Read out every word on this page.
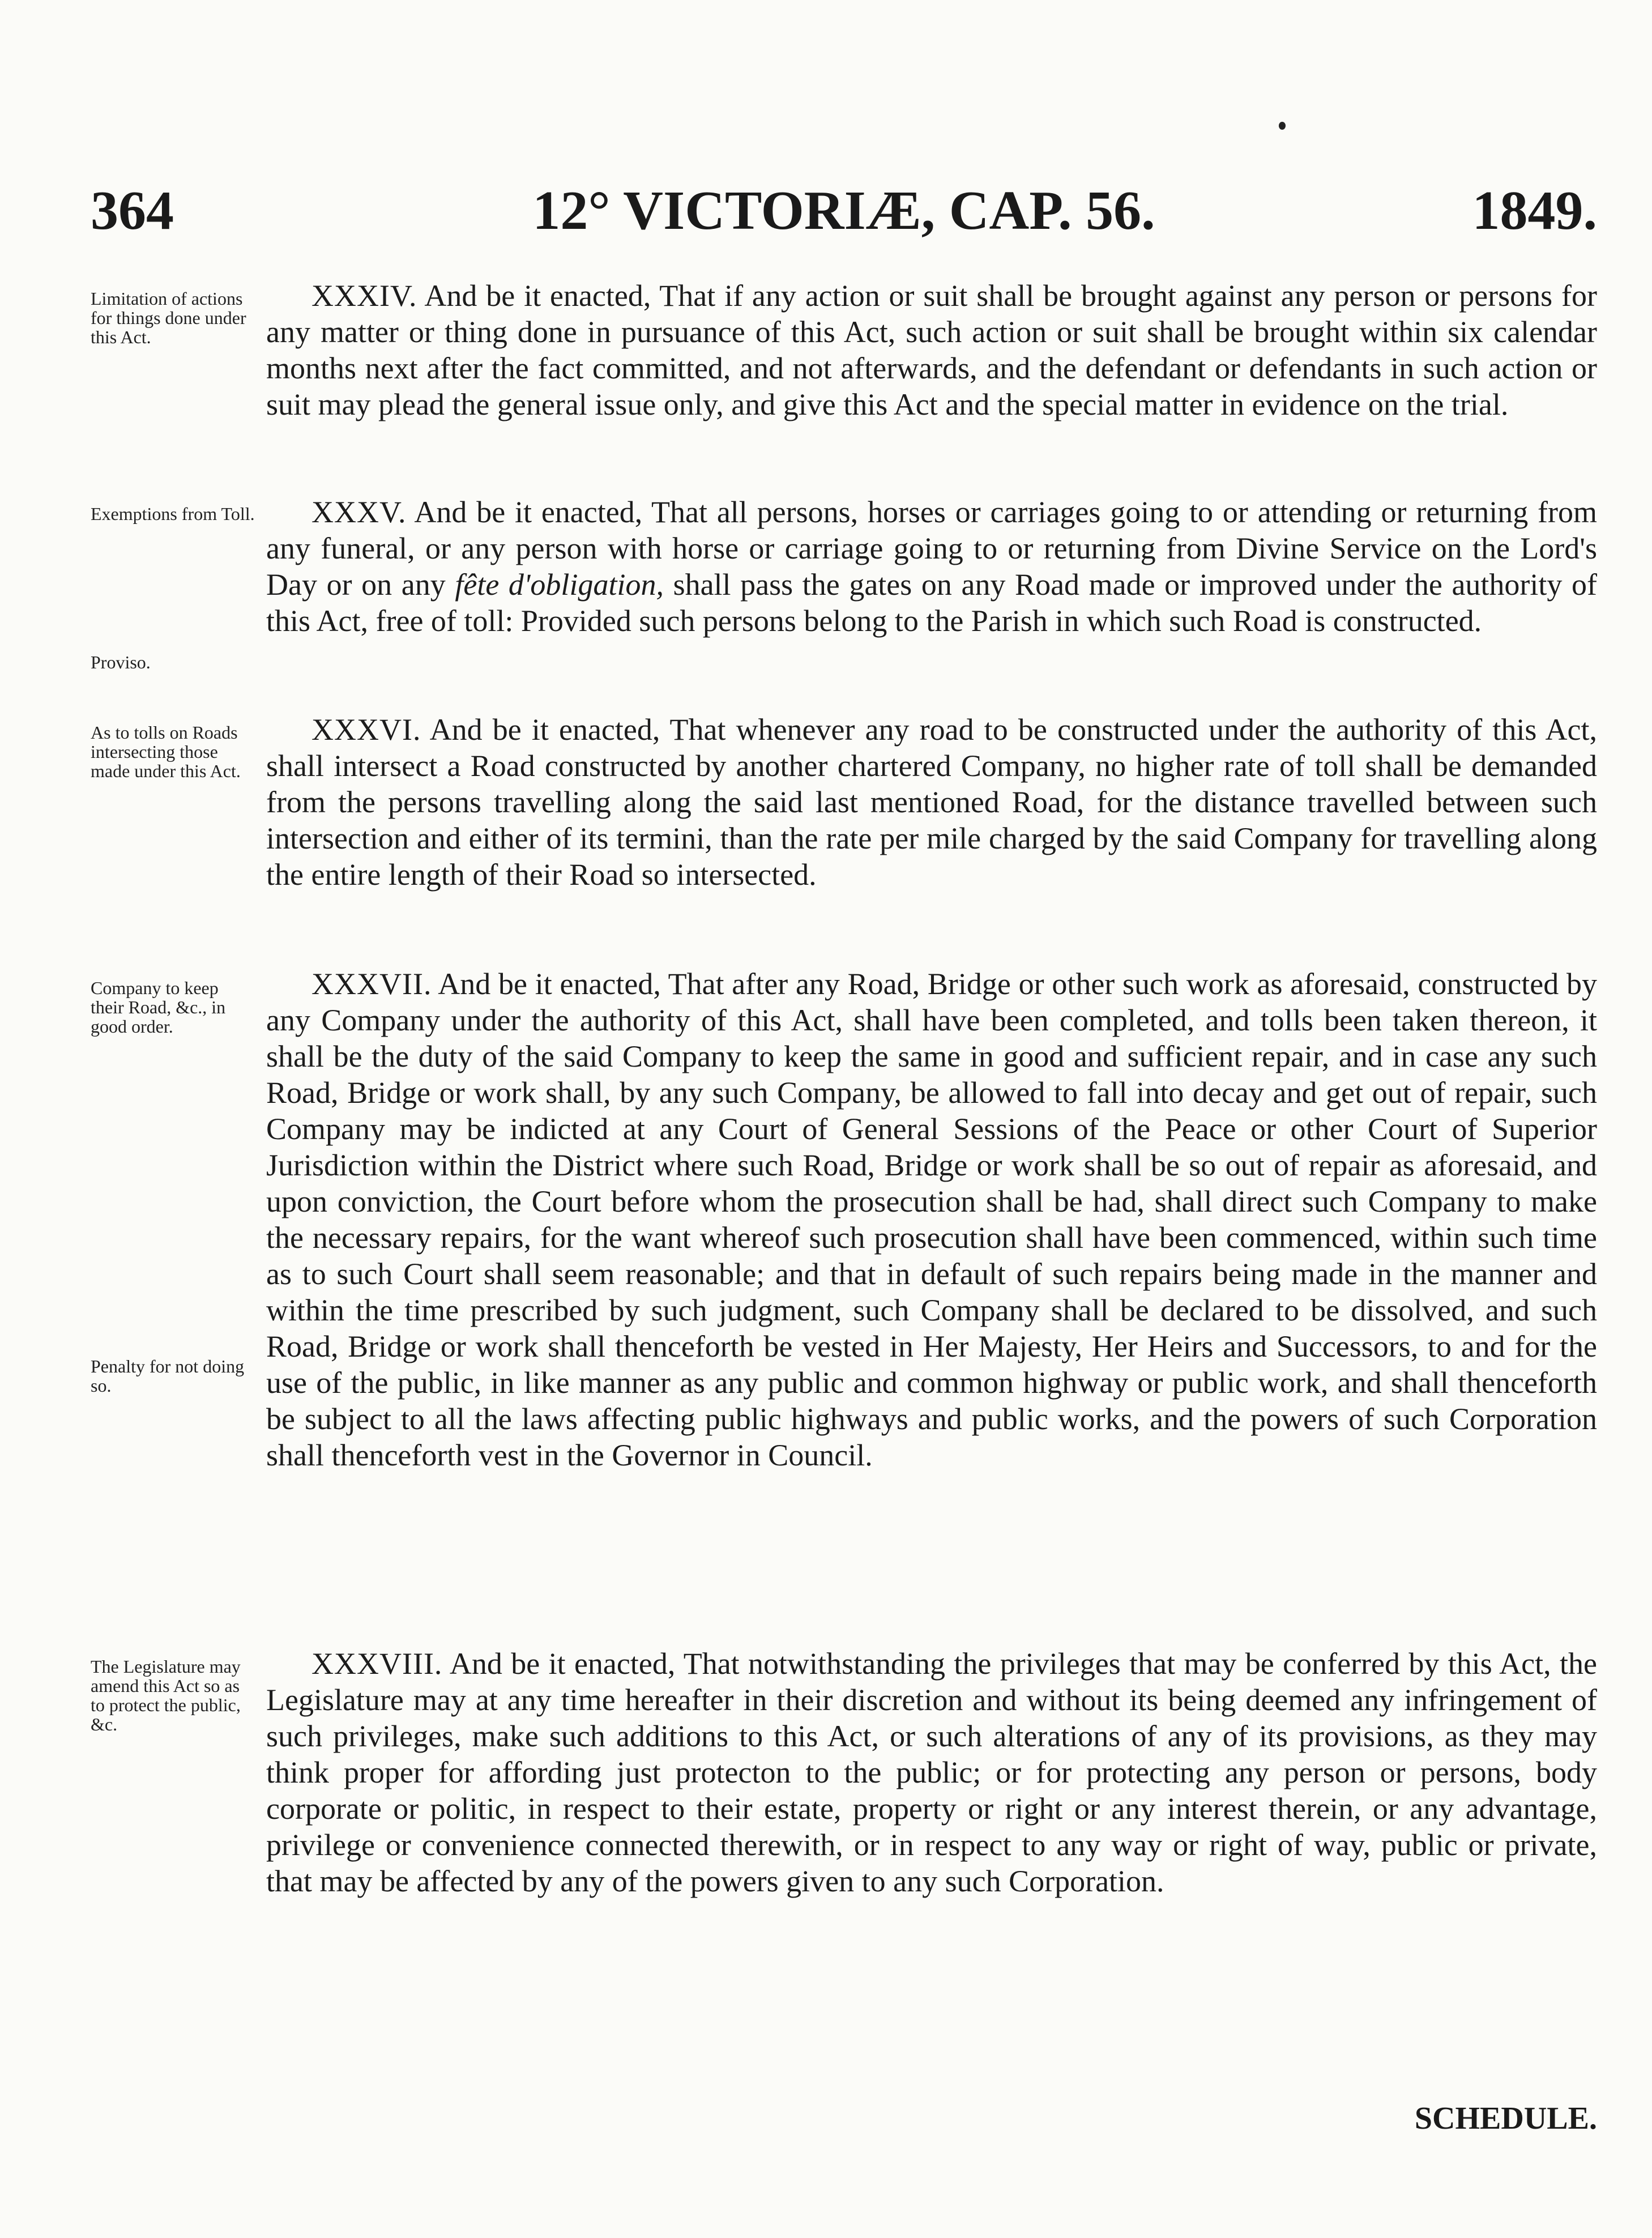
364	12° VICTORIÆ, CAP. 56.	1849.
Limitation of actions for things done under this Act.
XXXIV. And be it enacted, That if any action or suit shall be brought against any person or persons for any matter or thing done in pursuance of this Act, such action or suit shall be brought within six calendar months next after the fact committed, and not afterwards, and the defendant or defendants in such action or suit may plead the general issue only, and give this Act and the special matter in evidence on the trial.
Exemptions from Toll.
Proviso.
XXXV. And be it enacted, That all persons, horses or carriages going to or attending or returning from any funeral, or any person with horse or carriage going to or returning from Divine Service on the Lord's Day or on any fête d'obligation, shall pass the gates on any Road made or improved under the authority of this Act, free of toll: Provided such persons belong to the Parish in which such Road is constructed.
As to tolls on Roads intersecting those made under this Act.
XXXVI. And be it enacted, That whenever any road to be constructed under the authority of this Act, shall intersect a Road constructed by another chartered Company, no higher rate of toll shall be demanded from the persons travelling along the said last mentioned Road, for the distance travelled between such intersection and either of its termini, than the rate per mile charged by the said Company for travelling along the entire length of their Road so intersected.
Company to keep their Road, &c., in good order.
Penalty for not doing so.
XXXVII. And be it enacted, That after any Road, Bridge or other such work as aforesaid, constructed by any Company under the authority of this Act, shall have been completed, and tolls been taken thereon, it shall be the duty of the said Company to keep the same in good and sufficient repair, and in case any such Road, Bridge or work shall, by any such Company, be allowed to fall into decay and get out of repair, such Company may be indicted at any Court of General Sessions of the Peace or other Court of Superior Jurisdiction within the District where such Road, Bridge or work shall be so out of repair as aforesaid, and upon conviction, the Court before whom the prosecution shall be had, shall direct such Company to make the necessary repairs, for the want whereof such prosecution shall have been commenced, within such time as to such Court shall seem reasonable; and that in default of such repairs being made in the manner and within the time prescribed by such judgment, such Company shall be declared to be dissolved, and such Road, Bridge or work shall thenceforth be vested in Her Majesty, Her Heirs and Successors, to and for the use of the public, in like manner as any public and common highway or public work, and shall thenceforth be subject to all the laws affecting public highways and public works, and the powers of such Corporation shall thenceforth vest in the Governor in Council.
The Legislature may amend this Act so as to protect the public, &c.
XXXVIII. And be it enacted, That notwithstanding the privileges that may be conferred by this Act, the Legislature may at any time hereafter in their discretion and without its being deemed any infringement of such privileges, make such additions to this Act, or such alterations of any of its provisions, as they may think proper for affording just protecton to the public; or for protecting any person or persons, body corporate or politic, in respect to their estate, property or right or any interest therein, or any advantage, privilege or convenience connected therewith, or in respect to any way or right of way, public or private, that may be affected by any of the powers given to any such Corporation.
SCHEDULE.
